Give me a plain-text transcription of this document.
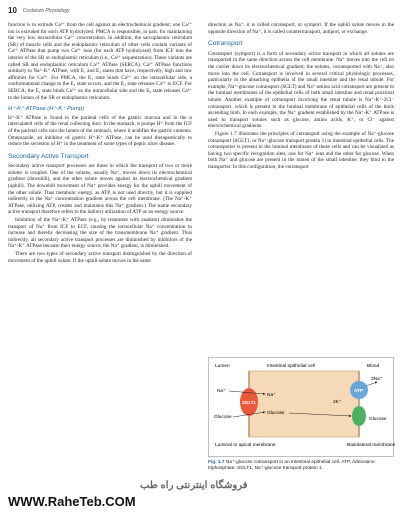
10 Costanzo Physiology

function is to extrude Ca²⁺ from the cell against an electrochemical gradient; one Ca²⁺ ion is extruded for each ATP hydrolyzed. PMCA is responsible, in part, for maintaining the very low intracellular Ca²⁺ concentration. In addition, the sarcoplasmic reticulum (SR) of muscle cells and the endoplasmic reticulum of other cells contain variants of Ca²⁺ ATPase that pump two Ca²⁺ ions (for each ATP hydrolyzed) from ICF into the interior of the SR or endoplasmic reticulum (i.e., Ca²⁺ sequestration). These variants are called SR and endoplasmic reticulum Ca²⁺ ATPase (SERCA). Ca²⁺ ATPase functions similarly to Na⁺-K⁺ ATPase, with E₁ and E₂ states that have, respectively, high and low affinities for Ca²⁺. For PMCA, the E₁ state binds Ca²⁺ on the intracellular side, a conformational change to the E₂ state occurs, and the E₂ state releases Ca²⁺ to ECF. For SERCA, the E₁ state binds Ca²⁺ on the intracellular side and the E₂ state releases Ca²⁺ to the lumen of the SR or endoplasmic reticulum.

H⁺-K⁺ ATPase (H⁺-K⁺ Pump)

H⁺-K⁺ ATPase is found in the parietal cells of the gastric mucosa and in the α intercalated cells of the renal collecting duct. In the stomach, it pumps H⁺ from the ICF of the parietal cells into the lumen of the stomach, where it acidifies the gastric contents. Omeprazole, an inhibitor of gastric H⁺-K⁺ ATPase, can be used therapeutically to reduce the secretion of H⁺ in the treatment of some types of peptic ulcer disease.

Secondary Active Transport

Secondary active transport processes are those in which the transport of two or more solutes is coupled. One of the solutes, usually Na⁺, moves down its electrochemical gradient (downhill), and the other solute moves against its electrochemical gradient (uphill). The downhill movement of Na⁺ provides energy for the uphill movement of the other solute. Thus metabolic energy, as ATP, is not used directly, but it is supplied indirectly in the Na⁺ concentration gradient across the cell membrane. (The Na⁺-K⁺ ATPase, utilizing ATP, creates and maintains this Na⁺ gradient.) The name secondary active transport therefore refers to the indirect utilization of ATP as an energy source.

Inhibition of the Na⁺-K⁺ ATPase (e.g., by treatment with ouabain) diminishes the transport of Na⁺ from ICF to ECF, causing the intracellular Na⁺ concentration to increase and thereby decreasing the size of the transmembrane Na⁺ gradient. Thus indirectly, all secondary active transport processes are diminished by inhibitors of the Na⁺-K⁺ ATPase because their energy source, the Na⁺ gradient, is diminished.

There are two types of secondary active transport distinguished by the direction of movement of the uphill solute. If the uphill solute moves in the same

direction as Na⁺, it is called cotransport, or symport. If the uphill solute moves in the opposite direction of Na⁺, it is called countertransport, antiport, or exchange.

Cotransport

Cotransport (symport) is a form of secondary active transport in which all solutes are transported in the same direction across the cell membrane. Na⁺ moves into the cell on the carrier down its electrochemical gradient; the solutes, cotransported with Na⁺, also move into the cell. Cotransport is involved in several critical physiologic processes, particularly in the absorbing epithelia of the small intestine and the renal tubule. For example, Na⁺-glucose cotransport (SGLT) and Na⁺-amino acid cotransport are present in the luminal membranes of the epithelial cells of both small intestine and renal proximal tubule. Another example of cotransport involving the renal tubule is Na⁺-K⁺-2Cl⁻ cotransport, which is present in the luminal membrane of epithelial cells of the thick ascending limb. In each example, the Na⁺ gradient established by the Na⁺-K⁺ ATPase is used to transport solutes such as glucose, amino acids, K⁺, or Cl⁻ against electrochemical gradients.

Figure 1.7 illustrates the principles of cotransport using the example of Na⁺-glucose cotransport (SGLT1, or Na⁺-glucose transport protein 1) in intestinal epithelial cells. The cotransporter is present in the luminal membrane of these cells and can be visualized as having two specific recognition sites, one for Na⁺ ions and the other for glucose. When both Na⁺ and glucose are present in the lumen of the small intestine, they bind to the transporter. In this configuration, the cotransport

Lumen	Intestinal epithelial cell	Blood
SGLT1
Na⁺
Glucose
Na⁺
Glucose
ATP
3Na⁺
2K⁺
Glucose
Luminal or apical membrane	Basolateral membrane
Fig. 1.7 Na⁺-glucose cotransport in an intestinal epithelial cell. ATP, Adenosine triphosphate; SGLT1, Na⁺-glucose transport protein 1.
فروشگاه اینترنتی راه طب
WWW.RaheTeb.COM
